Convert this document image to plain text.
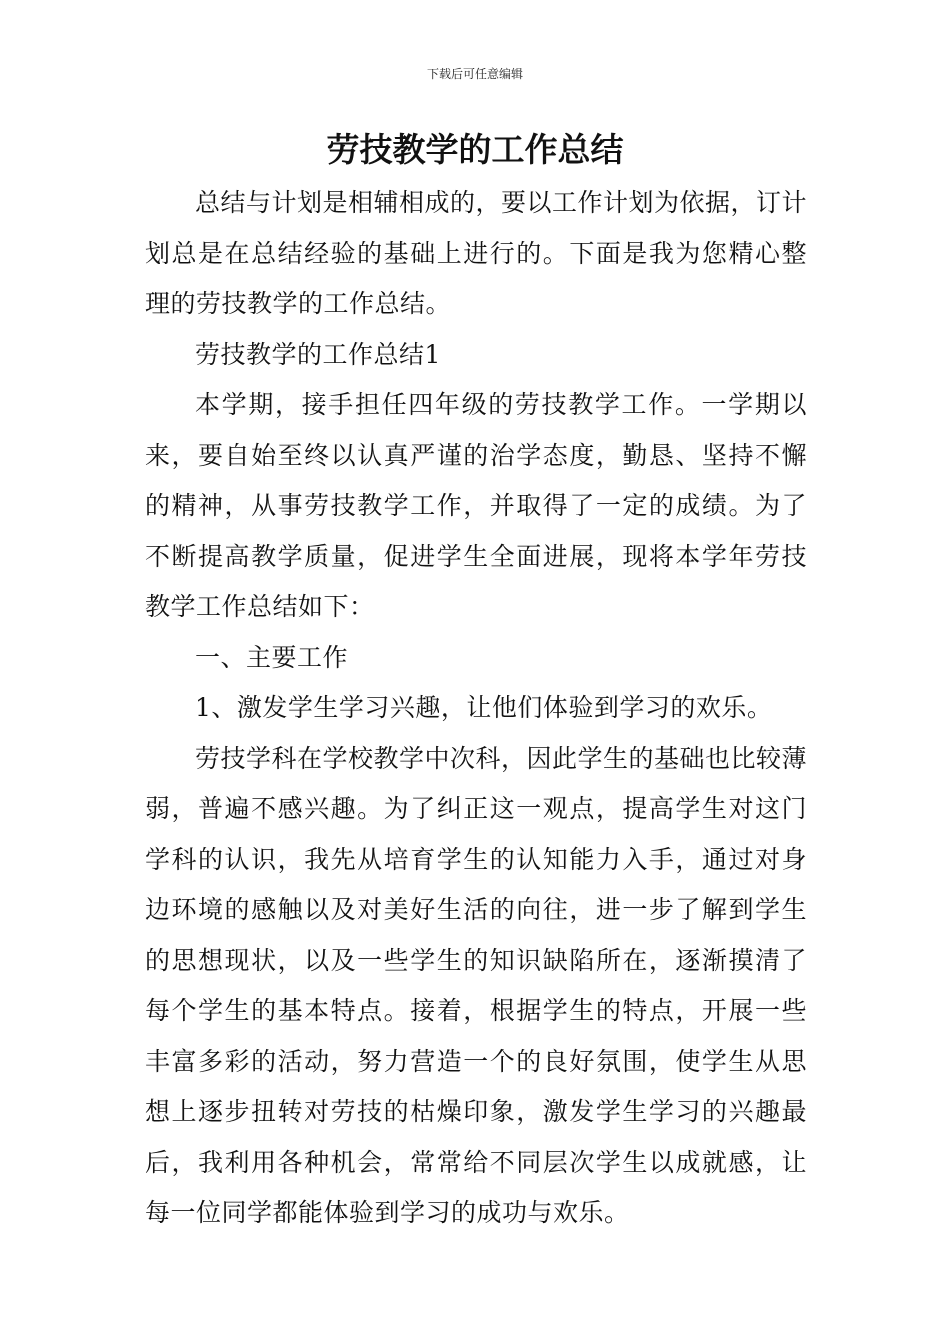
下载后可任意编辑
劳技教学的工作总结

总结与计划是相辅相成的，要以工作计划为依据，订计划总是在总结经验的基础上进行的。下面是我为您精心整理的劳技教学的工作总结。

劳技教学的工作总结1

本学期，接手担任四年级的劳技教学工作。一学期以来，要自始至终以认真严谨的治学态度，勤恳、坚持不懈的精神，从事劳技教学工作，并取得了一定的成绩。为了不断提高教学质量，促进学生全面进展，现将本学年劳技教学工作总结如下：

一、主要工作

1、激发学生学习兴趣，让他们体验到学习的欢乐。

劳技学科在学校教学中次科，因此学生的基础也比较薄弱，普遍不感兴趣。为了纠正这一观点，提高学生对这门学科的认识，我先从培育学生的认知能力入手，通过对身边环境的感触以及对美好生活的向往，进一步了解到学生的思想现状，以及一些学生的知识缺陷所在，逐渐摸清了每个学生的基本特点。接着，根据学生的特点，开展一些丰富多彩的活动，努力营造一个的良好氛围，使学生从思想上逐步扭转对劳技的枯燥印象，激发学生学习的兴趣最后，我利用各种机会，常常给不同层次学生以成就感，让每一位同学都能体验到学习的成功与欢乐。
